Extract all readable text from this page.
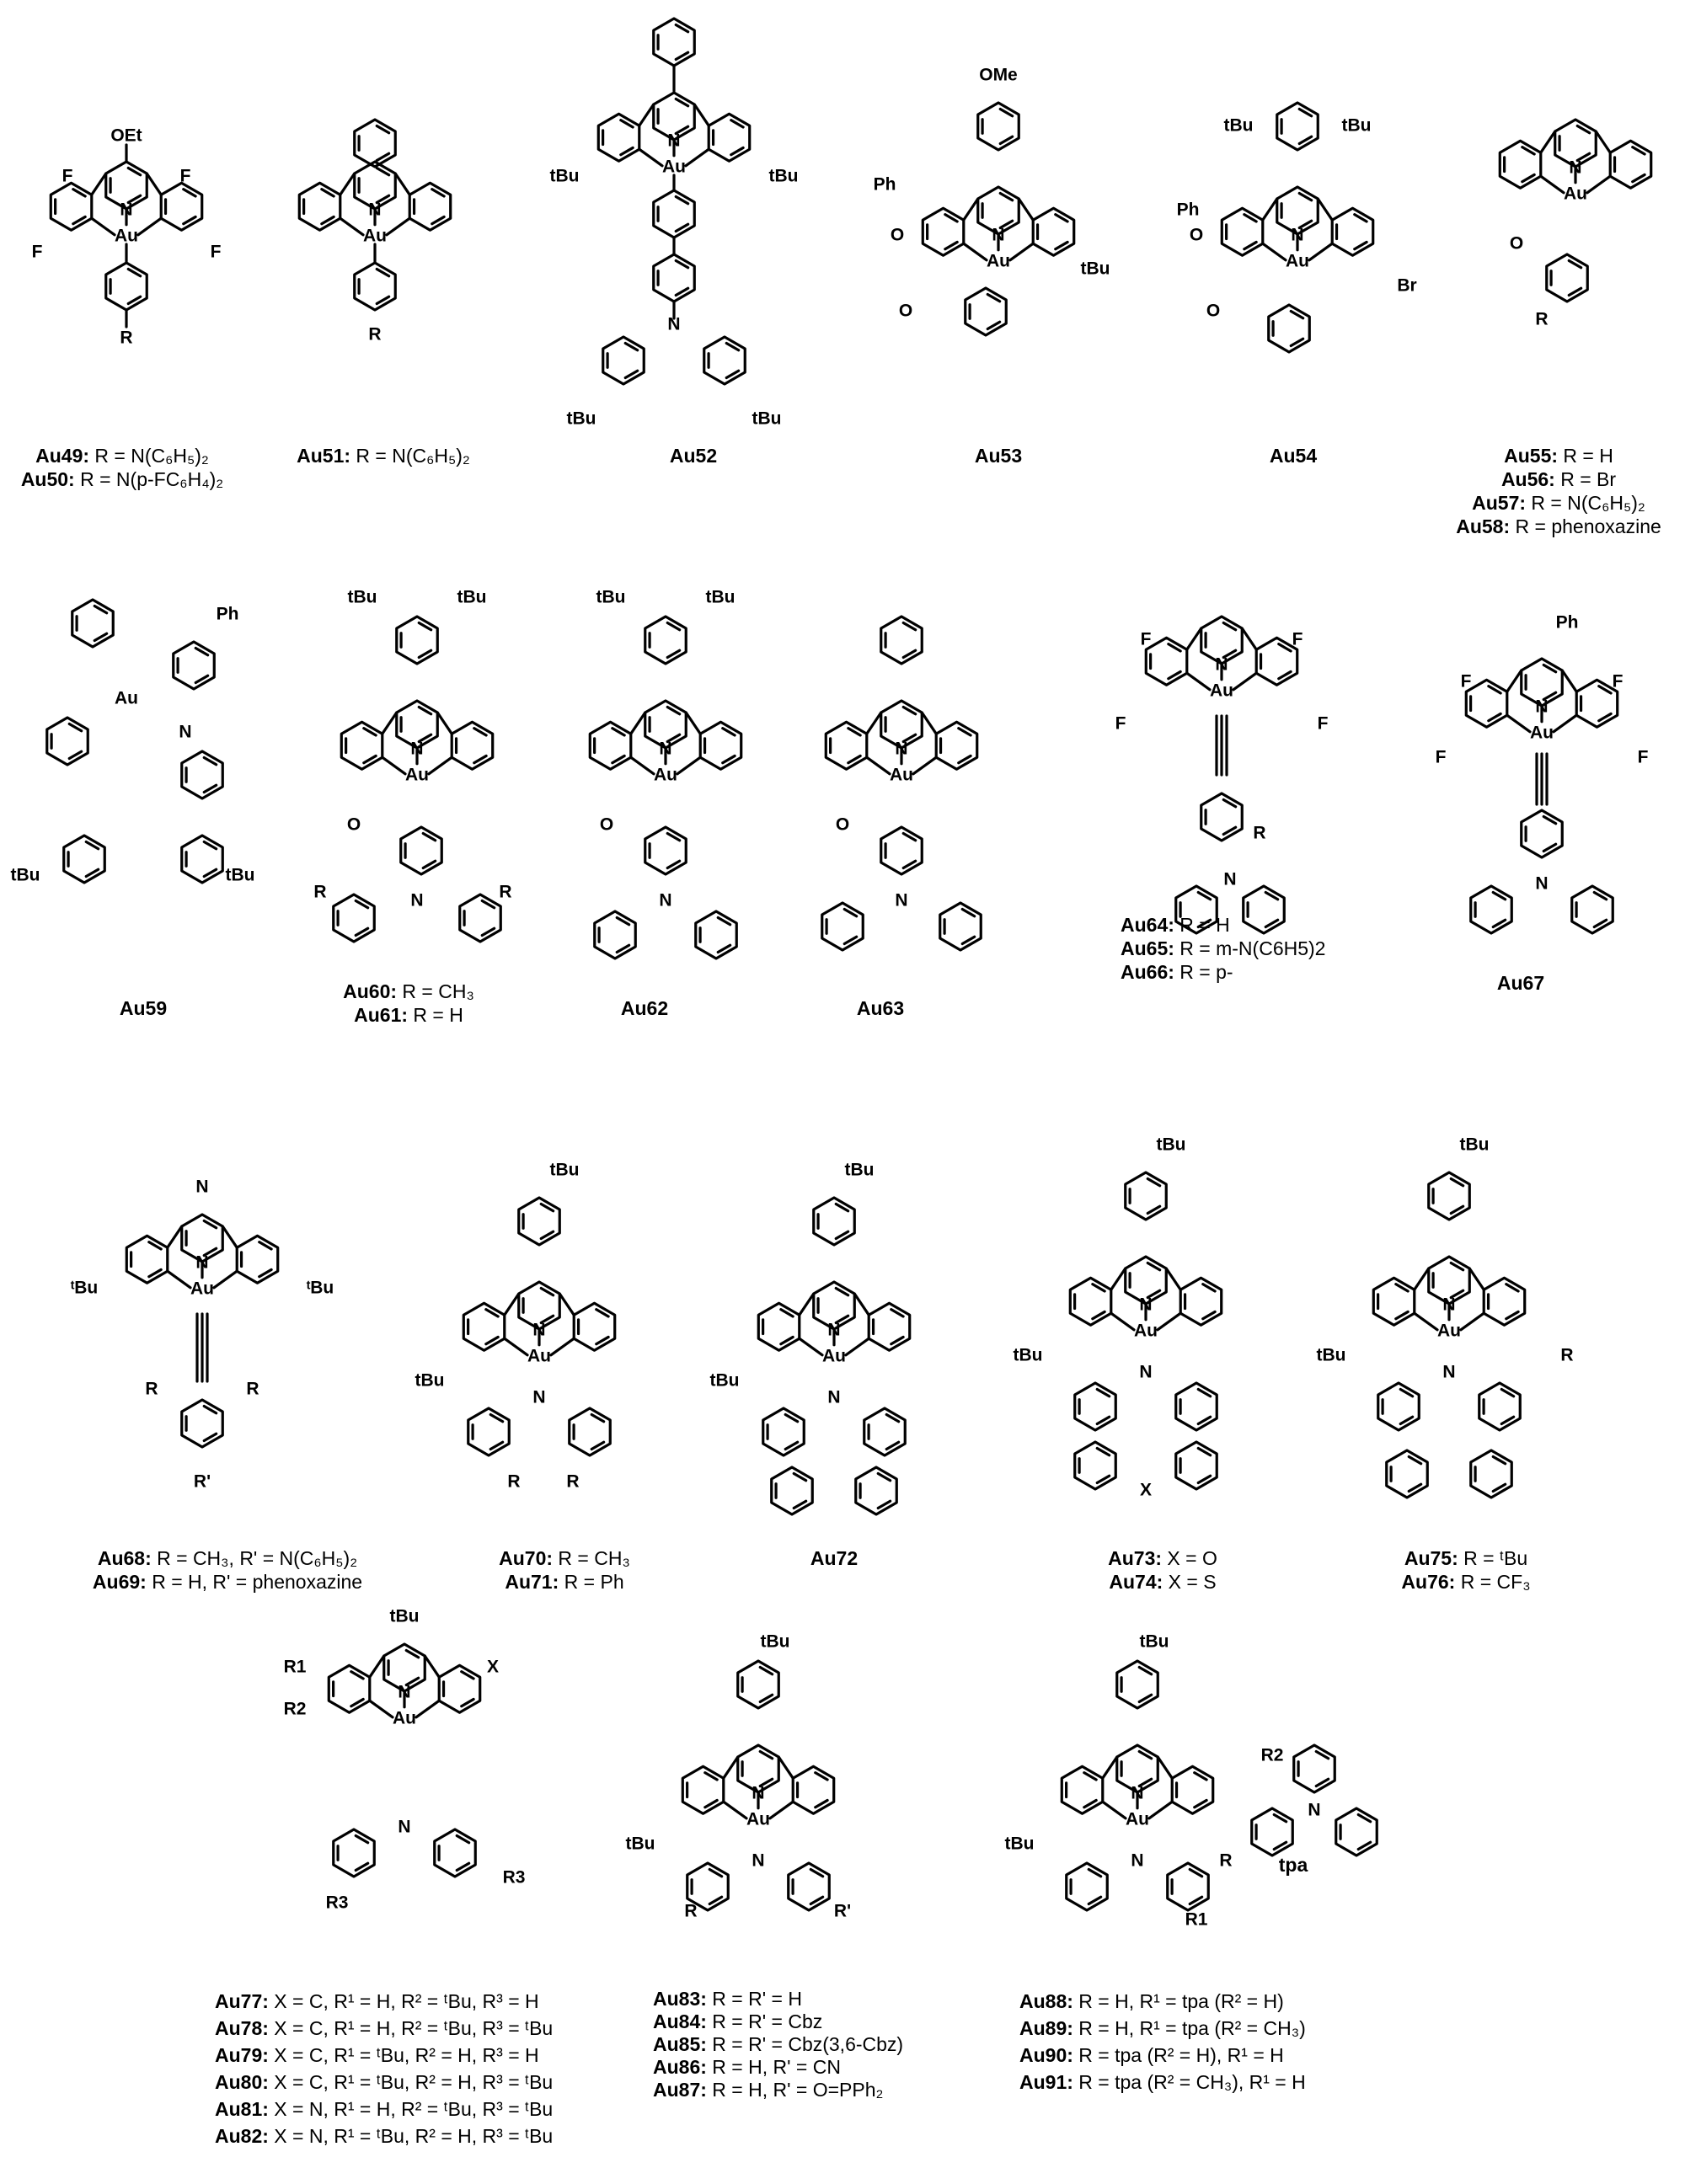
N
Au
OEt
F	F
F	F
R
N
Au
R
N
Au
tBu	tBu
N
tBu	tBu
OMe
N
Au
Ph
O
O
tBu
tBu	tBu
N
Au
Ph
O
O
Br
N
Au
O
R
Ph
Au
N
tBu	tBu
tBu	tBu
N
Au
O
N
R	R
tBu	tBu
N
Au
O
N
N
Au
O
N
N
Au
F	F
F	F
R
N
Ph
N
Au
F	F
F	F
N
N
Au
N
ᵗBu	ᵗBu
R	R
R'
tBu
N
Au
tBu
N
R	R
tBu
N
Au
tBu
N
tBu
N
Au
tBu
N
X
tBu
N
Au
tBu	R
N
tBu
N
Au
R1
R2
X
N
R3
R3
tBu
N
Au
tBu
N
R	R'
tBu
N
Au
tBu
N	R
R1
R2
N
Au49: R = N(C₆H₅)₂
Au50: R = N(p-FC₆H₄)₂
Au51: R = N(C₆H₅)₂	Au52	Au53	Au54	Au55: R = H
Au56: R = Br
Au57: R = N(C₆H₅)₂
Au58: R = phenoxazine
Au59
Au60: R = CH₃
Au61: R = H	Au62	Au63
Au64: R = H
Au65: R = m-N(C6H5)2
Au66: R = p-	Au67
Au68: R = CH₃, R' = N(C₆H₅)₂
Au69: R = H, R' = phenoxazine
Au70: R = CH₃
Au71: R = Ph
Au72	Au73: X = O
Au74: X = S
Au75: R = ᵗBu
Au76: R = CF₃
Au77: X = C, R¹ = H, R² = ᵗBu, R³ = H
Au78: X = C, R¹ = H, R² = ᵗBu, R³ = ᵗBu
Au79: X = C, R¹ = ᵗBu, R² = H, R³ = H
Au80: X = C, R¹ = ᵗBu, R² = H, R³ = ᵗBu
Au81: X = N, R¹ = H, R² = ᵗBu, R³ = ᵗBu
Au82: X = N, R¹ = ᵗBu, R² = H, R³ = ᵗBu
Au83: R = R' = H
Au84: R = R' = Cbz
Au85: R = R' = Cbz(3,6-Cbz)
Au86: R = H, R' = CN
Au87: R = H, R' = O=PPh₂
Au88: R = H, R¹ = tpa (R² = H)
Au89: R = H, R¹ = tpa (R² = CH₃)
Au90: R = tpa (R² = H), R¹ = H
Au91: R = tpa (R² = CH₃), R¹ = H
tpa
